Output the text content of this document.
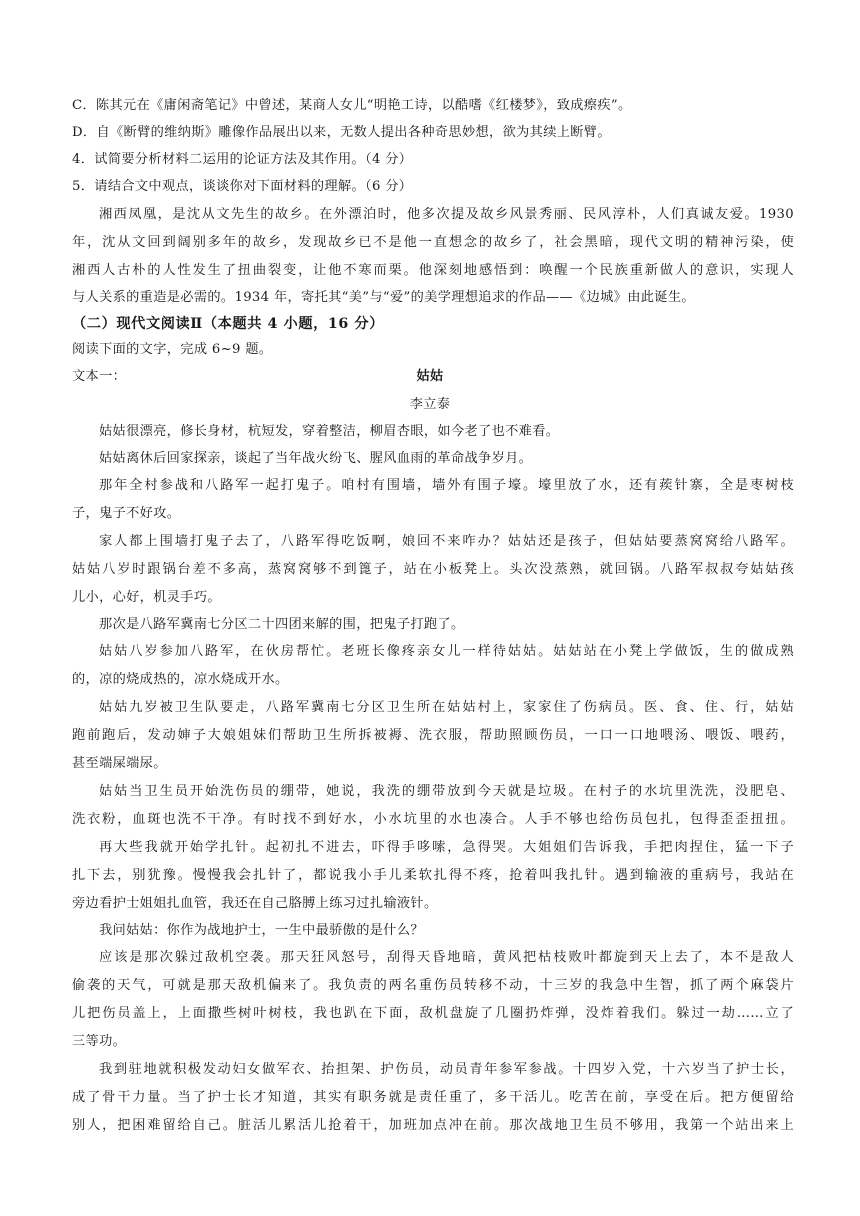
C．陈其元在《庸闲斋笔记》中曾述，某商人女儿“明艳工诗，以酷嗜《红楼梦》，致成瘵疾”。
D．自《断臂的维纳斯》雕像作品展出以来，无数人提出各种奇思妙想，欲为其续上断臂。
4．试简要分析材料二运用的论证方法及其作用。（4 分）
5．请结合文中观点，谈谈你对下面材料的理解。（6 分）
湘西凤凰，是沈从文先生的故乡。在外漂泊时，他多次提及故乡风景秀丽、民风淳朴，人们真诚友爱。1930
年，沈从文回到阔别多年的故乡，发现故乡已不是他一直想念的故乡了，社会黑暗，现代文明的精神污染，使
湘西人古朴的人性发生了扭曲裂变，让他不寒而栗。他深刻地感悟到：唤醒一个民族重新做人的意识，实现人
与人关系的重造是必需的。1934 年，寄托其“美”与“爱”的美学理想追求的作品——《边城》由此诞生。
（二）现代文阅读Ⅱ（本题共 4 小题，16 分）
阅读下面的文字，完成 6~9 题。
文本一：	姑姑
李立泰
姑姑很漂亮，修长身材，杭短发，穿着整洁，柳眉杏眼，如今老了也不难看。
姑姑离休后回家探亲，谈起了当年战火纷飞、腥风血雨的革命战争岁月。
那年全村参战和八路军一起打鬼子。咱村有围墙，墙外有围子壕。壕里放了水，还有蒺针寨，全是枣树枝
子，鬼子不好攻。
家人都上围墙打鬼子去了，八路军得吃饭啊，娘回不来咋办？姑姑还是孩子，但姑姑要蒸窝窝给八路军。
姑姑八岁时跟锅台差不多高，蒸窝窝够不到篦子，站在小板凳上。头次没蒸熟，就回锅。八路军叔叔夸姑姑孩
儿小，心好，机灵手巧。
那次是八路军冀南七分区二十四团来解的围，把鬼子打跑了。
姑姑八岁参加八路军，在伙房帮忙。老班长像疼亲女儿一样待姑姑。姑姑站在小凳上学做饭，生的做成熟
的，凉的烧成热的，凉水烧成开水。
姑姑九岁被卫生队要走，八路军冀南七分区卫生所在姑姑村上，家家住了伤病员。医、食、住、行，姑姑
跑前跑后，发动婶子大娘姐妹们帮助卫生所拆被褥、洗衣服，帮助照顾伤员，一口一口地喂汤、喂饭、喂药，
甚至端屎端尿。
姑姑当卫生员开始洗伤员的绷带，她说，我洗的绷带放到今天就是垃圾。在村子的水坑里洗洗，没肥皂、
洗衣粉，血斑也洗不干净。有时找不到好水，小水坑里的水也凑合。人手不够也给伤员包扎，包得歪歪扭扭。
再大些我就开始学扎针。起初扎不进去，吓得手哆嗦，急得哭。大姐姐们告诉我，手把肉捏住，猛一下子
扎下去，别犹豫。慢慢我会扎针了，都说我小手儿柔软扎得不疼，抢着叫我扎针。遇到输液的重病号，我站在
旁边看护士姐姐扎血管，我还在自己胳膊上练习过扎输液针。
我问姑姑：你作为战地护士，一生中最骄傲的是什么？
应该是那次躲过敌机空袭。那天狂风怒号，刮得天昏地暗，黄风把枯枝败叶都旋到天上去了，本不是敌人
偷袭的天气，可就是那天敌机偏来了。我负责的两名重伤员转移不动，十三岁的我急中生智，抓了两个麻袋片
儿把伤员盖上，上面撒些树叶树枝，我也趴在下面，敌机盘旋了几圈扔炸弹，没炸着我们。躲过一劫……立了
三等功。
我到驻地就积极发动妇女做军衣、抬担架、护伤员，动员青年参军参战。十四岁入党，十六岁当了护士长，
成了骨干力量。当了护士长才知道，其实有职务就是责任重了，多干活儿。吃苦在前，享受在后。把方便留给
别人，把困难留给自己。脏活儿累活儿抢着干，加班加点冲在前。那次战地卫生员不够用，我第一个站出来上
